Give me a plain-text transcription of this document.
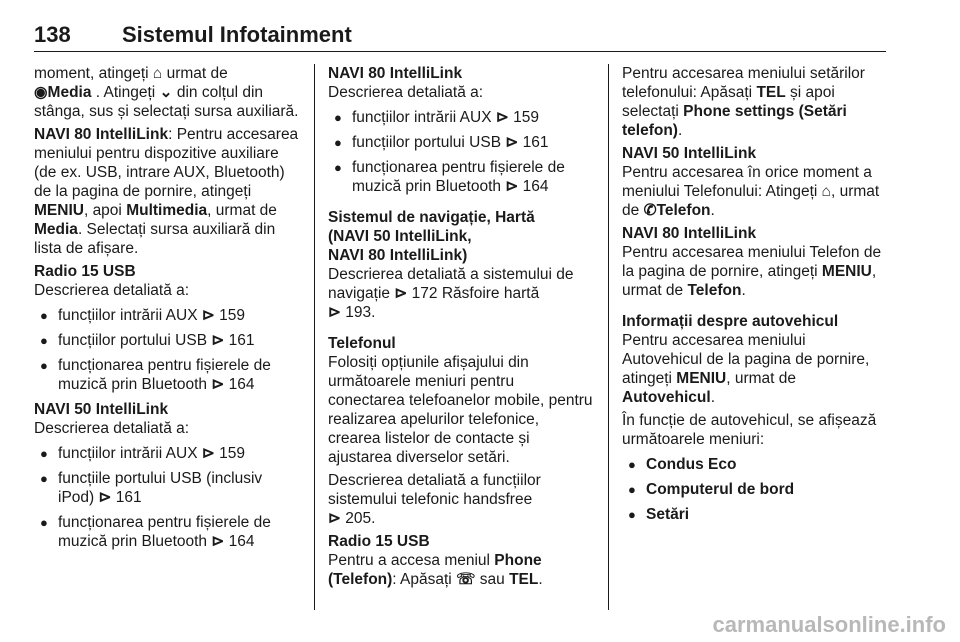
138 Sistemul Infotainment

moment, atingeți ⌂ urmat de
◉Media . Atingeți ⌄ din colțul din stânga, sus și selectați sursa auxiliară.

NAVI 80 IntelliLink: Pentru accesarea meniului pentru dispozitive auxiliare (de ex. USB, intrare AUX, Bluetooth) de la pagina de pornire, atingeți MENIU, apoi Multimedia, urmat de Media. Selectați sursa auxiliară din lista de afișare.

Radio 15 USB

Descrierea detaliată a:

● funcțiilor intrării AUX ⊳ 159
● funcțiilor portului USB ⊳ 161
● funcționarea pentru fișierele de muzică prin Bluetooth ⊳ 164

NAVI 50 IntelliLink

Descrierea detaliată a:

● funcțiilor intrării AUX ⊳ 159
● funcțiile portului USB (inclusiv iPod) ⊳ 161
● funcționarea pentru fișierele de muzică prin Bluetooth ⊳ 164

NAVI 80 IntelliLink

Descrierea detaliată a:

● funcțiilor intrării AUX ⊳ 159
● funcțiilor portului USB ⊳ 161
● funcționarea pentru fișierele de muzică prin Bluetooth ⊳ 164

Sistemul de navigație, Hartă
(NAVI 50 IntelliLink,
NAVI 80 IntelliLink)

Descrierea detaliată a sistemului de navigație ⊳ 172 Răsfoire hartă
⊳ 193.

Telefonul

Folosiți opțiunile afișajului din următoarele meniuri pentru conectarea telefoanelor mobile, pentru realizarea apelurilor telefonice, crearea listelor de contacte și ajustarea diverselor setări.

Descrierea detaliată a funcțiilor sistemului telefonic handsfree
⊳ 205.

Radio 15 USB

Pentru a accesa meniul Phone (Telefon): Apăsați ☏ sau TEL.

Pentru accesarea meniului setărilor telefonului: Apăsați TEL și apoi selectați Phone settings (Setări telefon).

NAVI 50 IntelliLink

Pentru accesarea în orice moment a meniului Telefonului: Atingeți ⌂, urmat de ✆Telefon.

NAVI 80 IntelliLink

Pentru accesarea meniului Telefon de la pagina de pornire, atingeți MENIU, urmat de Telefon.

Informații despre autovehicul

Pentru accesarea meniului Autovehicul de la pagina de pornire, atingeți MENIU, urmat de Autovehicul.

În funcție de autovehicul, se afișează următoarele meniuri:

● Condus Eco
● Computerul de bord
● Setări
carmanualsonline.info
